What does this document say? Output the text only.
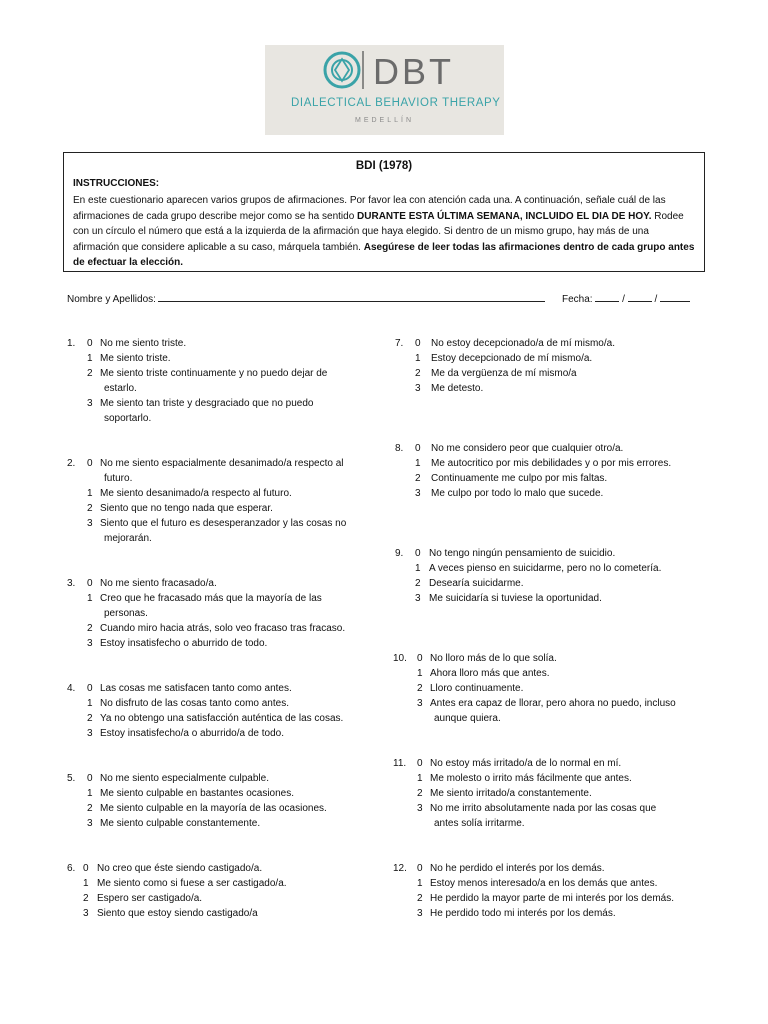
DBT
DIALECTICAL BEHAVIOR THERAPY
MEDELLÍN
BDI (1978)
INSTRUCCIONES:
En este cuestionario aparecen varios grupos de afirmaciones. Por favor lea con atención cada una. A continuación, señale cuál de las afirmaciones de cada grupo describe mejor como se ha sentido DURANTE ESTA ÚLTIMA SEMANA, INCLUIDO EL DIA DE HOY. Rodee con un círculo el número que está a la izquierda de la afirmación que haya elegido. Si dentro de un mismo grupo, hay más de una afirmación que considere aplicable a su caso, márquela también. Asegúrese de leer todas las afirmaciones dentro de cada grupo antes de efectuar la elección.
Nombre y Apellidos:	Fecha:	/	/
1. 0 No me siento triste.
1 Me siento triste.
2 Me siento triste continuamente y no puedo dejar de
estarlo.
3 Me siento tan triste y desgraciado que no puedo
soportarlo.
2. 0 No me siento espacialmente desanimado/a respecto al
futuro.
1 Me siento desanimado/a respecto al futuro.
2 Siento que no tengo nada que esperar.
3 Siento que el futuro es desesperanzador y las cosas no
mejorarán.
3. 0 No me siento fracasado/a.
1 Creo que he fracasado más que la mayoría de las
personas.
2 Cuando miro hacia atrás, solo veo fracaso tras fracaso.
3 Estoy insatisfecho o aburrido de todo.
4. 0 Las cosas me satisfacen tanto como antes.
1 No disfruto de las cosas tanto como antes.
2 Ya no obtengo una satisfacción auténtica de las cosas.
3 Estoy insatisfecho/a o aburrido/a de todo.
5. 0 No me siento especialmente culpable.
1 Me siento culpable en bastantes ocasiones.
2 Me siento culpable en la mayoría de las ocasiones.
3 Me siento culpable constantemente.
6. 0 No creo que éste siendo castigado/a.
1 Me siento como si fuese a ser castigado/a.
2 Espero ser castigado/a.
3 Siento que estoy siendo castigado/a
7. 0 No estoy decepcionado/a de mí mismo/a.
1 Estoy decepcionado de mí mismo/a.
2 Me da vergüenza de mí mismo/a
3 Me detesto.
8. 0 No me considero peor que cualquier otro/a.
1 Me autocritico por mis debilidades y o por mis errores.
2 Continuamente me culpo por mis faltas.
3 Me culpo por todo lo malo que sucede.
9. 0 No tengo ningún pensamiento de suicidio.
1 A veces pienso en suicidarme, pero no lo cometería.
2 Desearía suicidarme.
3 Me suicidaría si tuviese la oportunidad.
10. 0 No lloro más de lo que solía.
1 Ahora lloro más que antes.
2 Lloro continuamente.
3 Antes era capaz de llorar, pero ahora no puedo, incluso
aunque quiera.
11. 0 No estoy más irritado/a de lo normal en mí.
1 Me molesto o irrito más fácilmente que antes.
2 Me siento irritado/a constantemente.
3 No me irrito absolutamente nada por las cosas que
antes solía irritarme.
12. 0 No he perdido el interés por los demás.
1 Estoy menos interesado/a en los demás que antes.
2 He perdido la mayor parte de mi interés por los demás.
3 He perdido todo mi interés por los demás.
